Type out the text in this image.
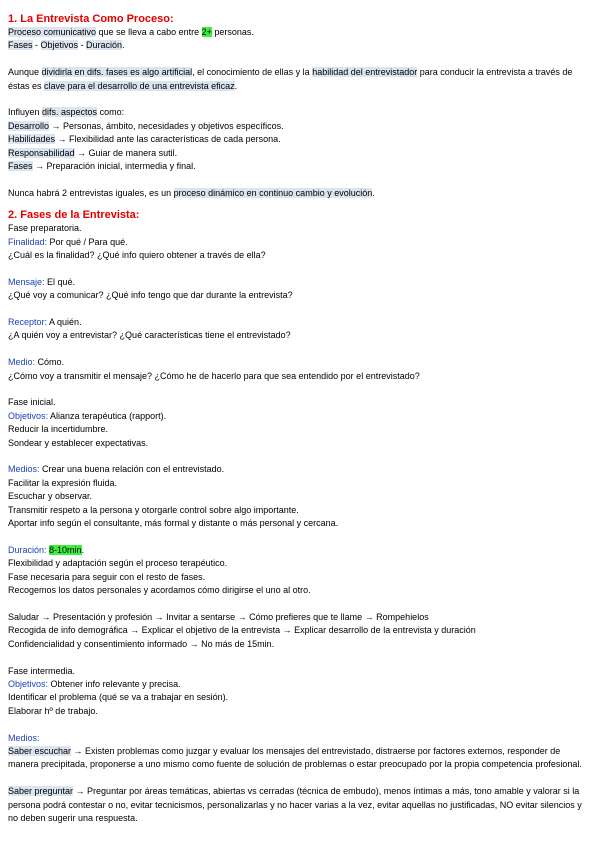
1. La Entrevista Como Proceso:
Proceso comunicativo que se lleva a cabo entre 2+ personas.
Fases - Objetivos - Duración.
Aunque dividirla en difs. fases es algo artificial, el conocimiento de ellas y la habilidad del entrevistador para conducir la entrevista a través de éstas es clave para el desarrollo de una entrevista eficaz.
Influyen difs. aspectos como:
Desarrollo → Personas, ámbito, necesidades y objetivos específicos.
Habilidades → Flexibilidad ante las características de cada persona.
Responsabilidad → Guiar de manera sutil.
Fases → Preparación inicial, intermedia y final.
Nunca habrá 2 entrevistas iguales, es un proceso dinámico en continuo cambio y evolución.
2. Fases de la Entrevista:
Fase preparatoria.
Finalidad: Por qué / Para qué.
¿Cuál es la finalidad? ¿Qué info quiero obtener a través de ella?
Mensaje: El qué.
¿Qué voy a comunicar? ¿Qué info tengo que dar durante la entrevista?
Receptor: A quién.
¿A quién voy a entrevistar? ¿Qué características tiene el entrevistado?
Medio: Cómo.
¿Cómo voy a transmitir el mensaje? ¿Cómo he de hacerlo para que sea entendido por el entrevistado?
Fase inicial.
Objetivos: Alianza terapéutica (rapport).
Reducir la incertidumbre.
Sondear y establecer expectativas.
Medios: Crear una buena relación con el entrevistado.
Facilitar la expresión fluida.
Escuchar y observar.
Transmitir respeto a la persona y otorgarle control sobre algo importante.
Aportar info según el consultante, más formal y distante o más personal y cercana.
Duración: 8-10min.
Flexibilidad y adaptación según el proceso terapéutico.
Fase necesaria para seguir con el resto de fases.
Recogemos los datos personales y acordamos cómo dirigirse el uno al otro.
Saludar → Presentación y profesión → Invitar a sentarse → Cómo prefieres que te llame → Rompehielos
Recogida de info demográfica → Explicar el objetivo de la entrevista → Explicar desarrollo de la entrevista y duración
Confidencialidad y consentimiento informado → No más de 15min.
Fase intermedia.
Objetivos: Obtener info relevante y precisa.
Identificar el problema (qué se va a trabajar en sesión).
Elaborar hº de trabajo.
Medios:
Saber escuchar → Existen problemas como juzgar y evaluar los mensajes del entrevistado, distraerse por factores externos, responder de manera precipitada, proponerse a uno mismo como fuente de solución de problemas o estar preocupado por la propia competencia profesional.
Saber preguntar → Preguntar por áreas temáticas, abiertas vs cerradas (técnica de embudo), menos íntimas a más, tono amable y valorar si la persona podrá contestar o no, evitar tecnicismos, personalizarlas y no hacer varias a la vez, evitar aquellas no justificadas, NO evitar silencios y no deben sugerir una respuesta.
